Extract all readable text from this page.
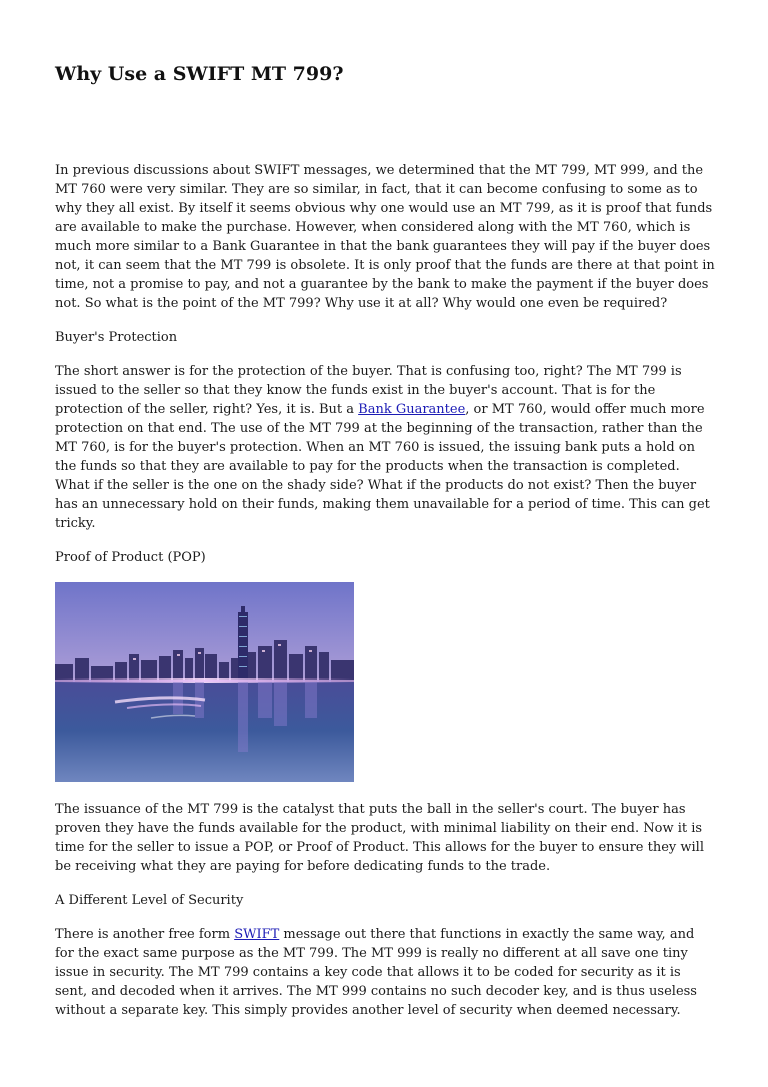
Why Use a SWIFT MT 799?

In previous discussions about SWIFT messages, we determined that the MT 799, MT 999, and the MT 760 were very similar. They are so similar, in fact, that it can become confusing to some as to why they all exist. By itself it seems obvious why one would use an MT 799, as it is proof that funds are available to make the purchase. However, when considered along with the MT 760, which is much more similar to a Bank Guarantee in that the bank guarantees they will pay if the buyer does not, it can seem that the MT 799 is obsolete. It is only proof that the funds are there at that point in time, not a promise to pay, and not a guarantee by the bank to make the payment if the buyer does not. So what is the point of the MT 799? Why use it at all? Why would one even be required?

Buyer's Protection

The short answer is for the protection of the buyer. That is confusing too, right? The MT 799 is issued to the seller so that they know the funds exist in the buyer's account. That is for the protection of the seller, right? Yes, it is. But a Bank Guarantee, or MT 760, would offer much more protection on that end. The use of the MT 799 at the beginning of the transaction, rather than the MT 760, is for the buyer's protection. When an MT 760 is issued, the issuing bank puts a hold on the funds so that they are available to pay for the products when the transaction is completed. What if the seller is the one on the shady side? What if the products do not exist? Then the buyer has an unnecessary hold on their funds, making them unavailable for a period of time. This can get tricky.

Proof of Product (POP)

The issuance of the MT 799 is the catalyst that puts the ball in the seller's court. The buyer has proven they have the funds available for the product, with minimal liability on their end. Now it is time for the seller to issue a POP, or Proof of Product. This allows for the buyer to ensure they will be receiving what they are paying for before dedicating funds to the trade.

A Different Level of Security

There is another free form SWIFT message out there that functions in exactly the same way, and for the exact same purpose as the MT 799. The MT 999 is really no different at all save one tiny issue in security. The MT 799 contains a key code that allows it to be coded for security as it is sent, and decoded when it arrives. The MT 999 contains no such decoder key, and is thus useless without a separate key. This simply provides another level of security when deemed necessary.
